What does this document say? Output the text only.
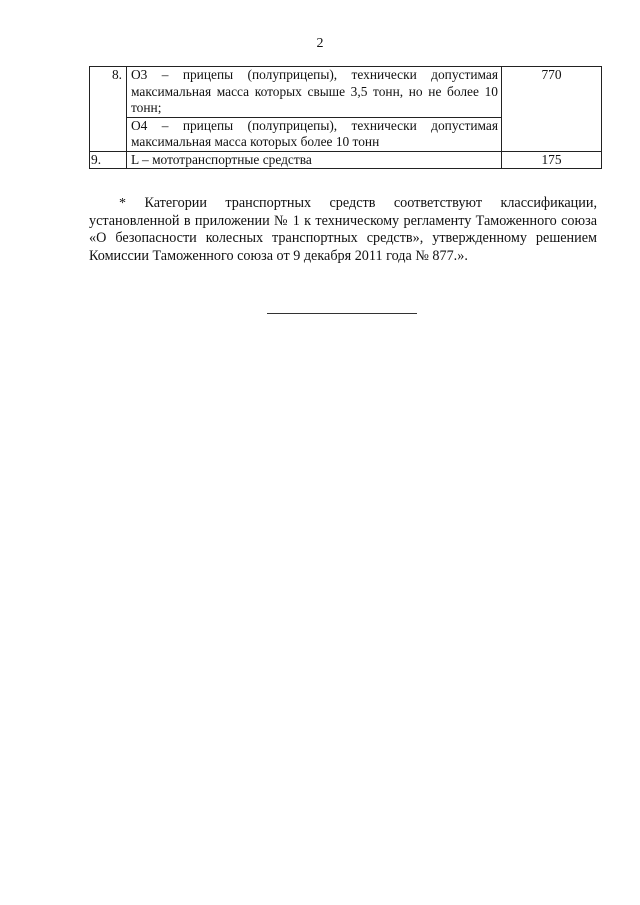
2
8.	О3 – прицепы (полуприцепы), технически допустимая максимальная масса которых свыше 3,5 тонн, но не более 10 тонн;	770

	О4 – прицепы (полуприцепы), технически допустимая максимальная масса которых более 10 тонн	

9.	L – мототранспортные средства	175
* Категории транспортных средств соответствуют классификации, установленной в приложении № 1 к техническому регламенту Таможенного союза «О безопасности колесных транспортных средств», утвержденному решением Комиссии Таможенного союза от 9 декабря 2011 года № 877.».
